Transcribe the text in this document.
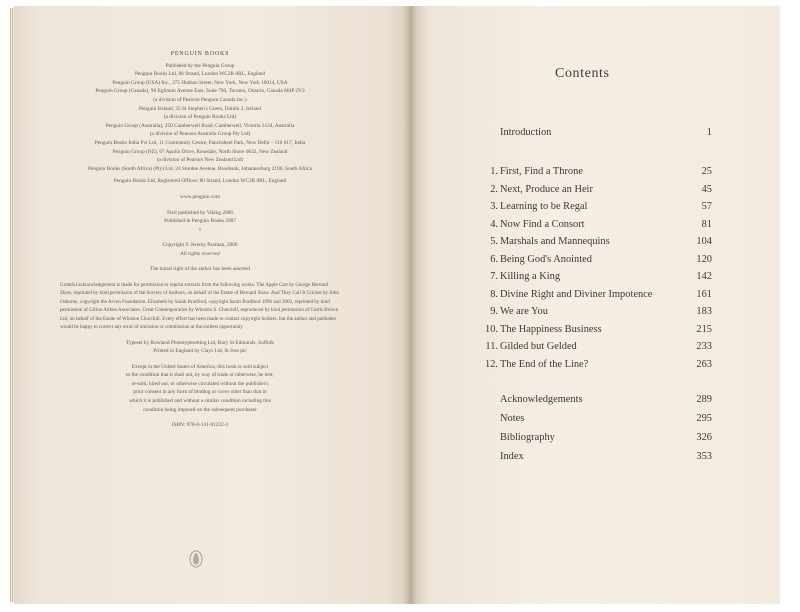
PENGUIN BOOKS
Published by the Penguin Group
Penguin Books Ltd, 80 Strand, London WC2R 0RL, England
Penguin Group (USA) Inc., 375 Hudson Street, New York, New York 10014, USA
Penguin Group (Canada), 90 Eglinton Avenue East, Suite 700, Toronto, Ontario, Canada M4P 2Y3
(a division of Pearson Penguin Canada Inc.)
Penguin Ireland, 25 St Stephen's Green, Dublin 2, Ireland
(a division of Penguin Books Ltd)
Penguin Group (Australia), 250 Camberwell Road, Camberwell, Victoria 3124, Australia
(a division of Pearson Australia Group Pty Ltd)
Penguin Books India Pvt Ltd, 11 Community Centre, Panchsheel Park, New Delhi – 110 017, India
Penguin Group (NZ), 67 Apollo Drive, Rosedale, North Shore 0632, New Zealand
(a division of Pearson New Zealand Ltd)
Penguin Books (South Africa) (Pty) Ltd, 24 Sturdee Avenue, Rosebank, Johannesburg 2196, South Africa
Penguin Books Ltd, Registered Offices: 80 Strand, London WC2R 0RL, England
www.penguin.com
First published by Viking 2006
Published in Penguin Books 2007
1
Copyright © Jeremy Paxman, 2006
All rights reserved
The moral right of the author has been asserted
Grateful acknowledgement is made for permission to reprint extracts from the following works: The Apple Cart by George Bernard Shaw, reprinted by kind permission of the Society of Authors, on behalf of the Estate of Bernard Shaw. And They Call It Cricket by John Osborne, copyright the Arvon Foundation. Elizabeth by Sarah Bradford, copyright Sarah Bradford 1996 and 2002, reprinted by kind permission of Gillon Aitken Associates. Great Contemporaries by Winston S. Churchill, reproduced by kind permission of Curtis Brown Ltd, on behalf of the Estate of Winston Churchill. Every effort has been made to contact copyright holders, but the author and publisher would be happy to correct any error of omission or commission at the earliest opportunity
Typeset by Rowland Phototypesetting Ltd, Bury St Edmunds, Suffolk
Printed in England by Clays Ltd, St Ives plc
Except in the United States of America, this book is sold subject
to the condition that it shall not, by way of trade or otherwise, be lent,
re-sold, hired out, or otherwise circulated without the publisher's
prior consent in any form of binding or cover other than that in
which it is published and without a similar condition including this
condition being imposed on the subsequent purchaser
ISBN: 978-0-141-01222-3
Contents
Introduction	1
1. First, Find a Throne	25
2. Next, Produce an Heir	45
3. Learning to be Regal	57
4. Now Find a Consort	81
5. Marshals and Mannequins	104
6. Being God's Anointed	120
7. Killing a King	142
8. Divine Right and Diviner Impotence	161
9. We are You	183
10. The Happiness Business	215
11. Gilded but Gelded	233
12. The End of the Line?	263
Acknowledgements	289
Notes	295
Bibliography	326
Index	353
